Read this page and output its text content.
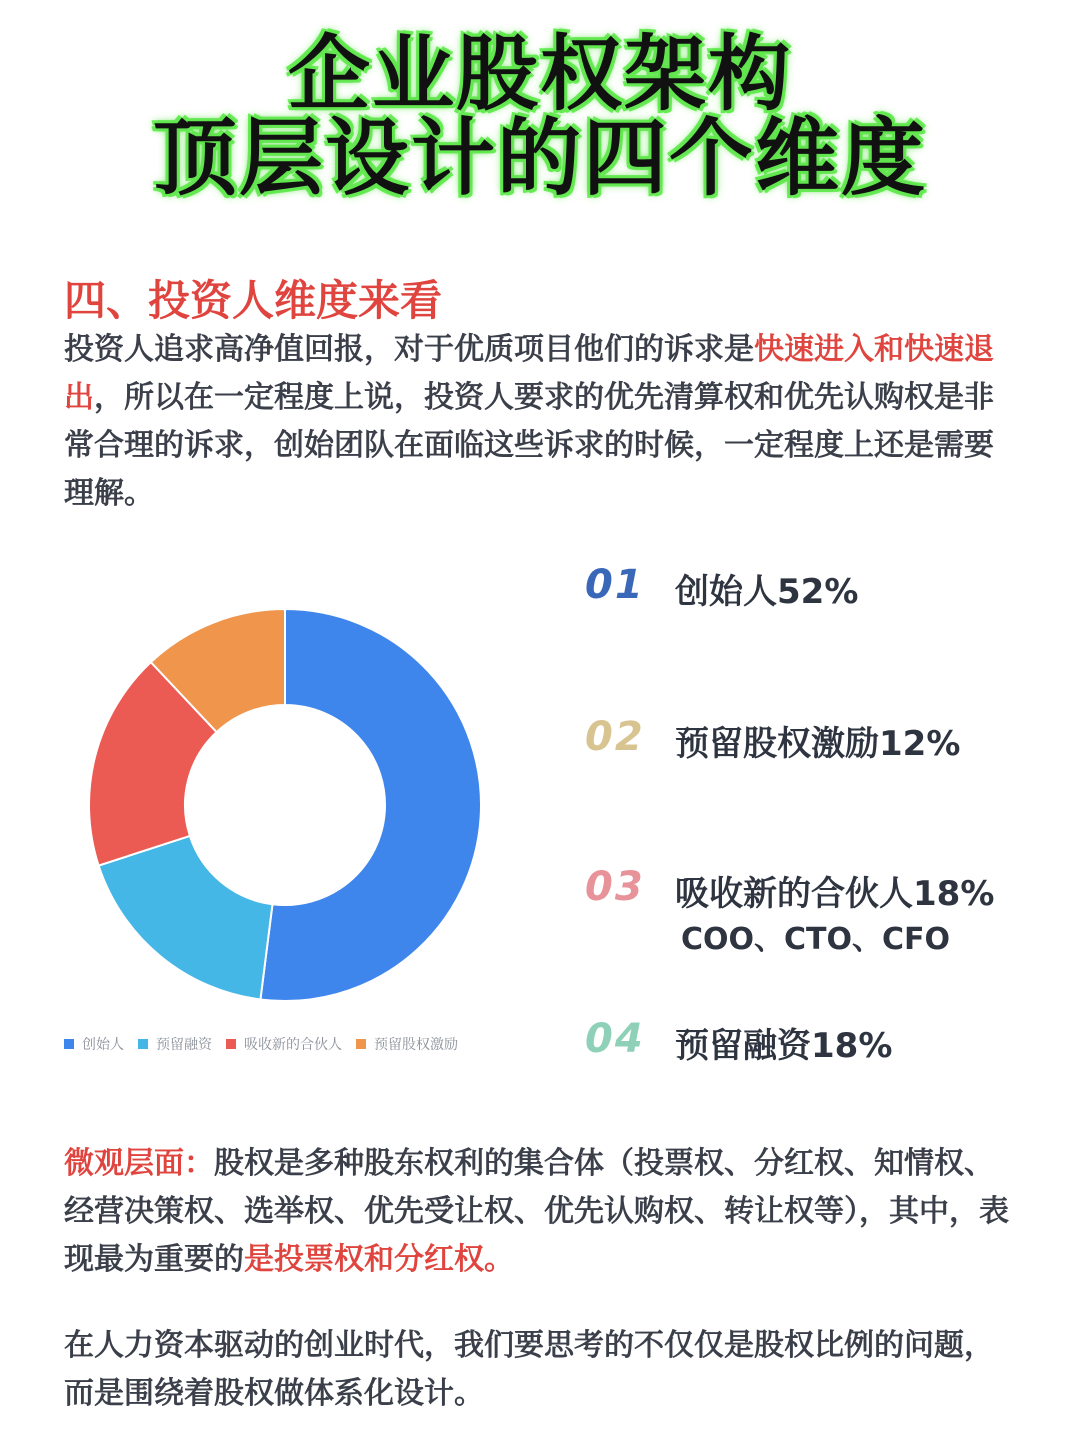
企业股权架构
顶层设计的四个维度
四、投资人维度来看
投资人追求高净值回报，对于优质项目他们的诉求是快速进入和快速退出，所以在一定程度上说，投资人要求的优先清算权和优先认购权是非常合理的诉求，创始团队在面临这些诉求的时候，一定程度上还是需要理解。
创始人 预留融资 吸收新的合伙人 预留股权激励
01 创始人52%
02 预留股权激励12%
03 吸收新的合伙人18%
COO、CTO、CFO
04 预留融资18%
微观层面：股权是多种股东权利的集合体（投票权、分红权、知情权、经营决策权、选举权、优先受让权、优先认购权、转让权等），其中，表现最为重要的是投票权和分红权。
在人力资本驱动的创业时代，我们要思考的不仅仅是股权比例的问题，而是围绕着股权做体系化设计。
